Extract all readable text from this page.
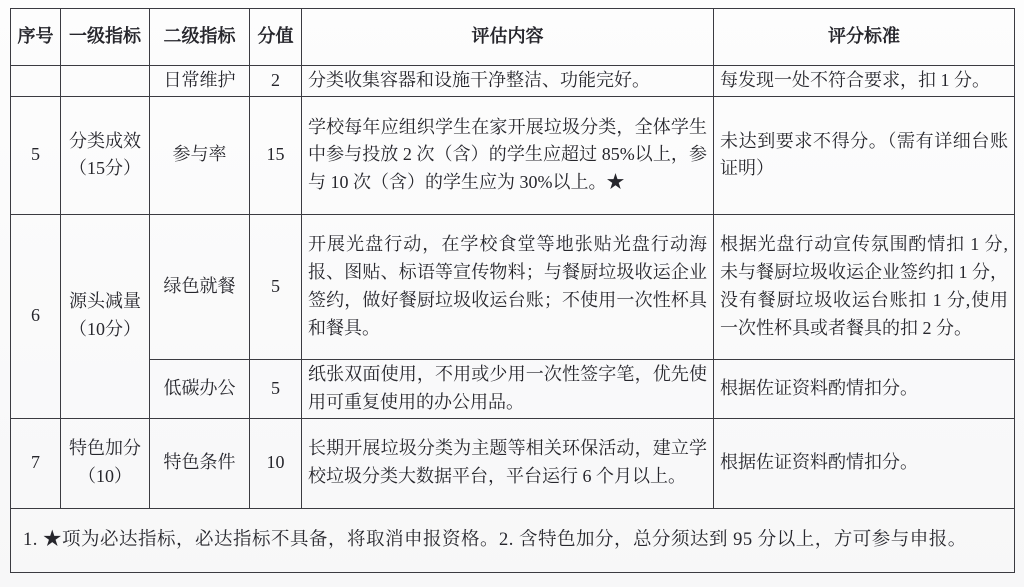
序号	一级指标	二级指标	分值	评估内容	评分标准
		日常维护	2	分类收集容器和设施干净整洁、功能完好。	每发现一处不符合要求，扣 1 分。
5	分类成效（15分）	参与率	15	学校每年应组织学生在家开展垃圾分类，全体学生中参与投放 2 次（含）的学生应超过 85%以上，参与 10 次（含）的学生应为 30%以上。★	未达到要求不得分。（需有详细台账证明）
6	源头减量（10分）	绿色就餐	5	开展光盘行动，在学校食堂等地张贴光盘行动海报、图贴、标语等宣传物料；与餐厨垃圾收运企业签约，做好餐厨垃圾收运台账；不使用一次性杯具和餐具。	根据光盘行动宣传氛围酌情扣 1 分,未与餐厨垃圾收运企业签约扣 1 分，没有餐厨垃圾收运台账扣 1 分,使用一次性杯具或者餐具的扣 2 分。
		低碳办公	5	纸张双面使用，不用或少用一次性签字笔，优先使用可重复使用的办公用品。	根据佐证资料酌情扣分。
7	特色加分（10）	特色条件	10	长期开展垃圾分类为主题等相关环保活动，建立学校垃圾分类大数据平台，平台运行 6 个月以上。	根据佐证资料酌情扣分。
1. ★项为必达指标，必达指标不具备，将取消申报资格。2. 含特色加分，总分须达到 95 分以上，方可参与申报。					
